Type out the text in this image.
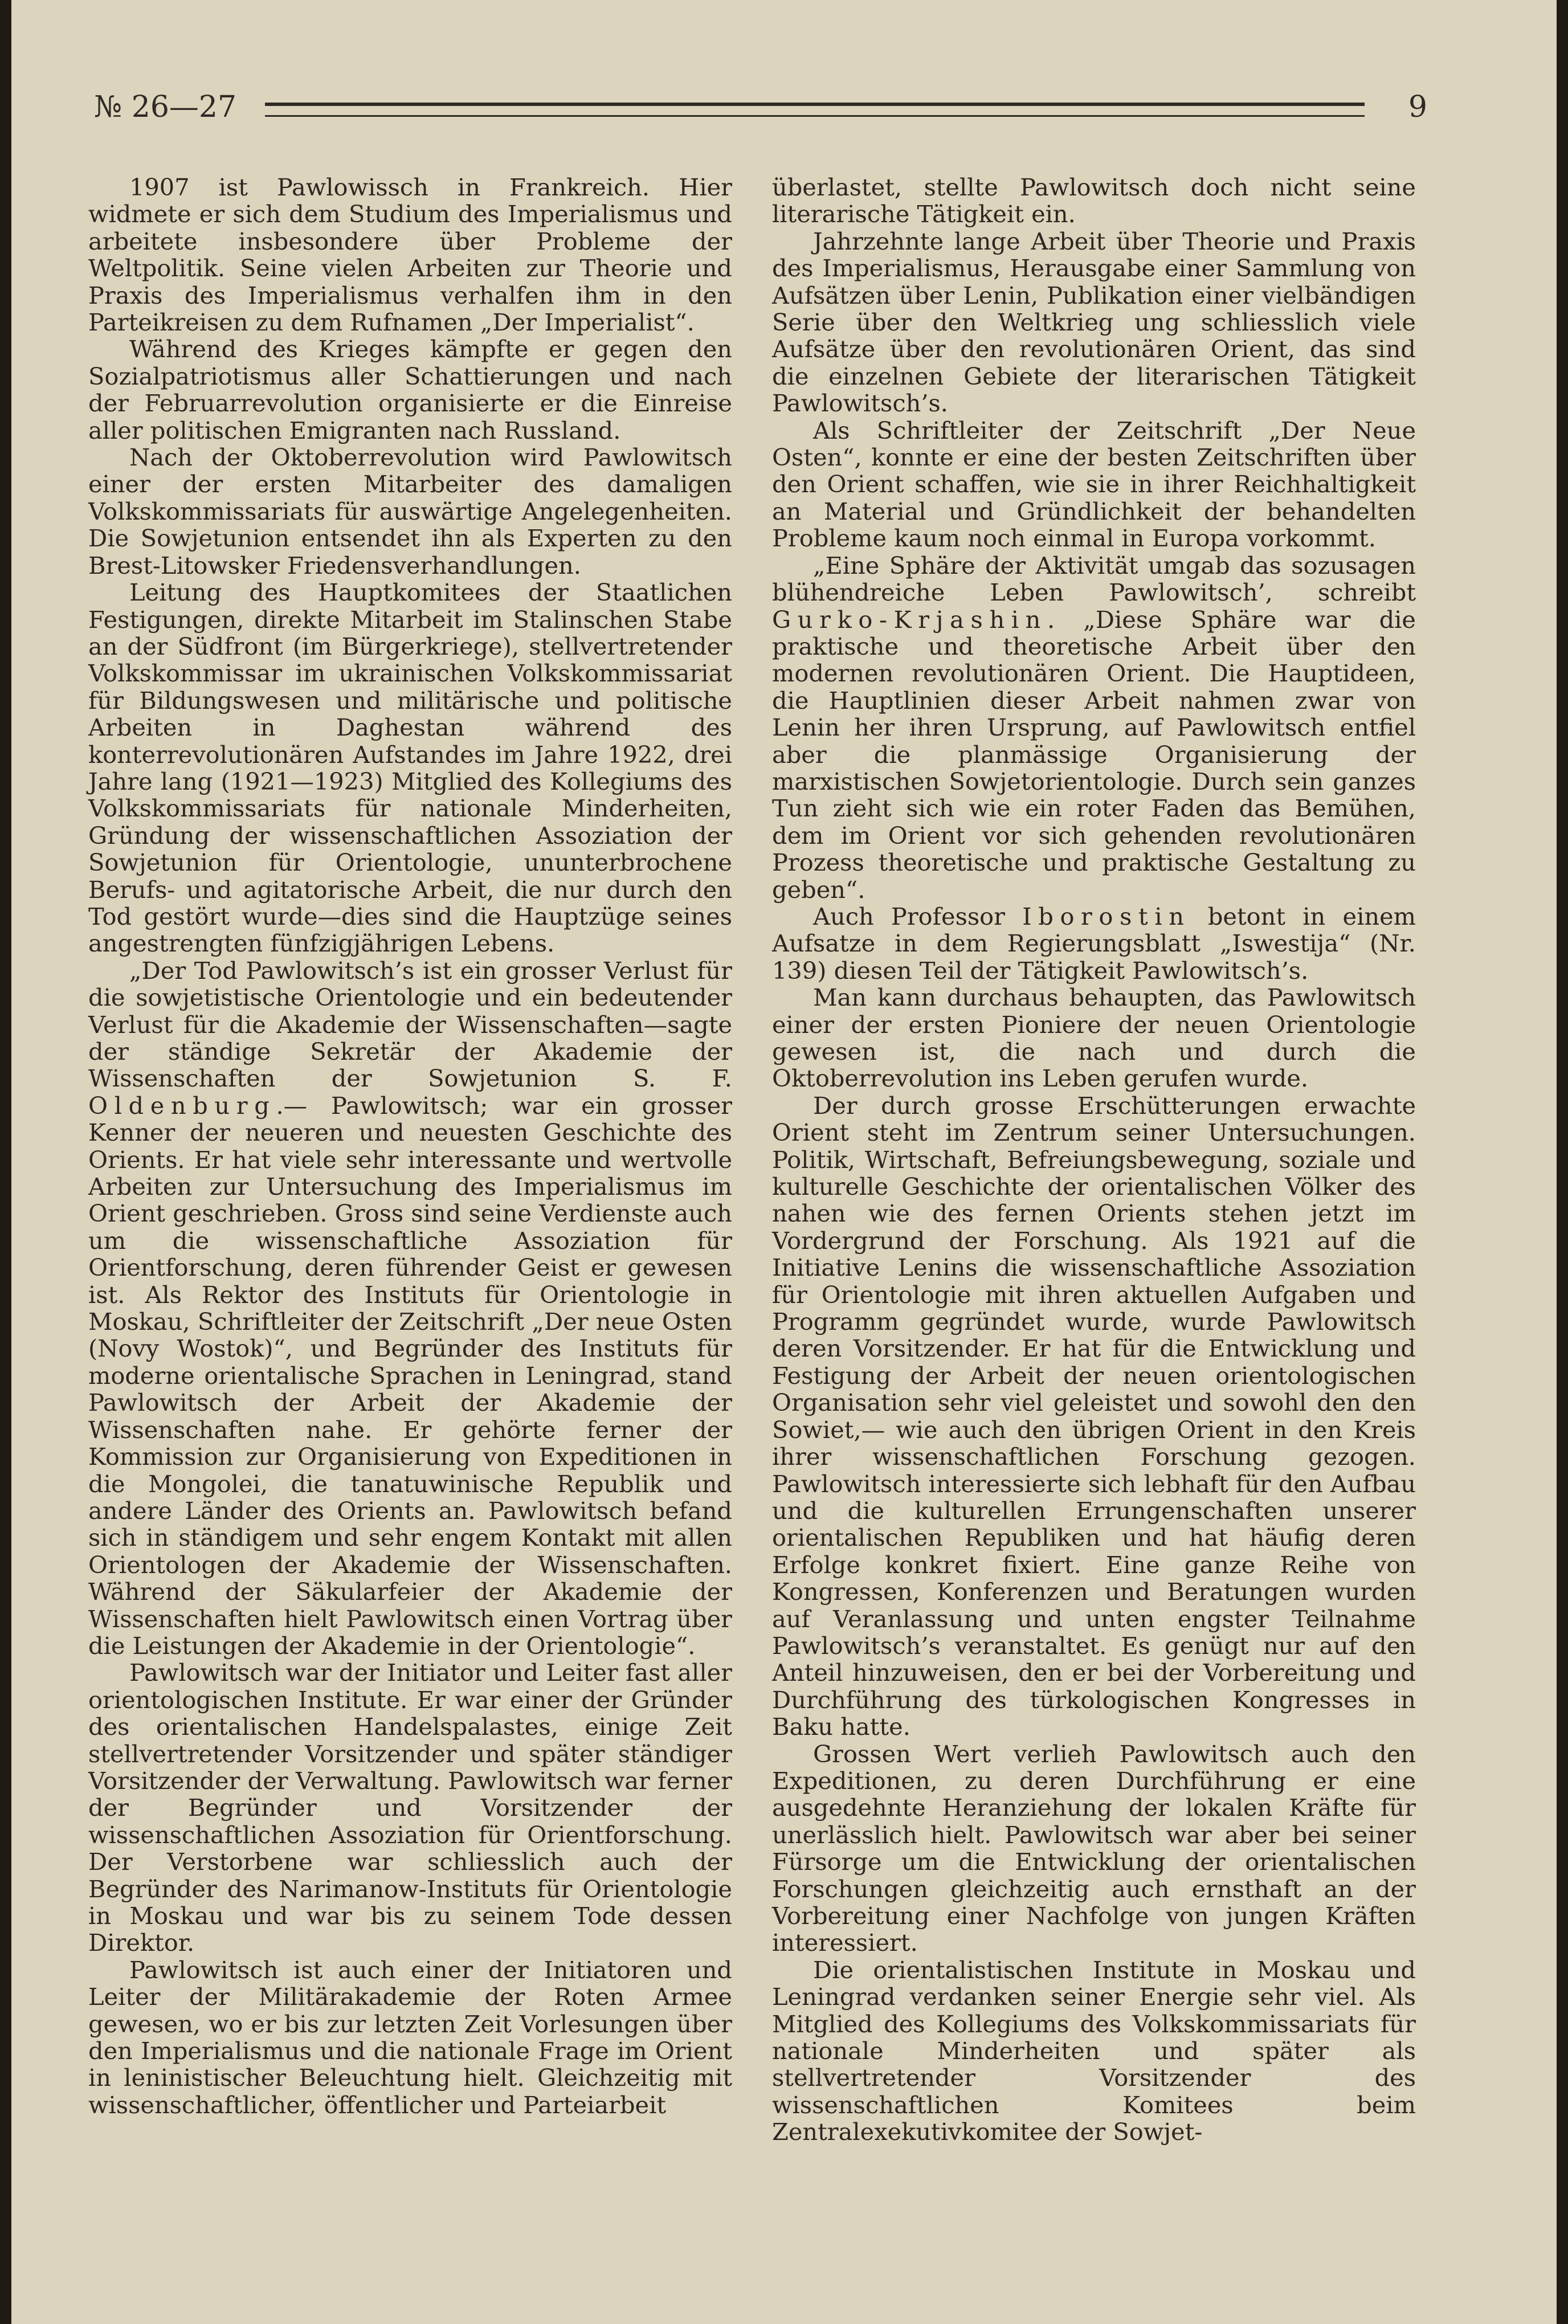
№ 26—27	9

1907 ist Pawlowissch in Frankreich. Hier widmete er sich dem Studium des Imperialismus und arbeitete insbesondere über Probleme der Weltpolitik. Seine vielen Arbeiten zur Theorie und Praxis des Imperialismus verhalfen ihm in den Parteikreisen zu dem Rufnamen „Der Imperialist“.

Während des Krieges kämpfte er gegen den Sozialpatriotismus aller Schattierungen und nach der Februarrevolution organisierte er die Einreise aller politischen Emigranten nach Russland.

Nach der Oktoberrevolution wird Pawlowitsch einer der ersten Mitarbeiter des damaligen Volkskommissariats für auswärtige Angelegenheiten. Die Sowjetunion entsendet ihn als Experten zu den Brest-Litowsker Friedensverhandlungen.

Leitung des Hauptkomitees der Staatlichen Festigungen, direkte Mitarbeit im Stalinschen Stabe an der Südfront (im Bürgerkriege), stellvertretender Volkskommissar im ukrainischen Volkskommissariat für Bildungswesen und militärische und politische Arbeiten in Daghestan während des konterrevolutionären Aufstandes im Jahre 1922, drei Jahre lang (1921—1923) Mitglied des Kollegiums des Volkskommissariats für nationale Minderheiten, Gründung der wissenschaftlichen Assoziation der Sowjetunion für Orientologie, ununterbrochene Berufs- und agitatorische Arbeit, die nur durch den Tod gestört wurde—dies sind die Hauptzüge seines angestrengten fünfzigjährigen Lebens.

„Der Tod Pawlowitsch’s ist ein grosser Verlust für die sowjetistische Orientologie und ein bedeutender Verlust für die Akademie der Wissenschaften—sagte der ständige Sekretär der Akademie der Wissenschaften der Sowjetunion S. F. Oldenburg.— Pawlowitsch; war ein grosser Kenner der neueren und neuesten Geschichte des Orients. Er hat viele sehr interessante und wertvolle Arbeiten zur Untersuchung des Imperialismus im Orient geschrieben. Gross sind seine Verdienste auch um die wissenschaftliche Assoziation für Orientforschung, deren führender Geist er gewesen ist. Als Rektor des Instituts für Orientologie in Moskau, Schriftleiter der Zeitschrift „Der neue Osten (Novy Wostok)“, und Begründer des Instituts für moderne orientalische Sprachen in Leningrad, stand Pawlowitsch der Arbeit der Akademie der Wissenschaften nahe. Er gehörte ferner der Kommission zur Organisierung von Expeditionen in die Mongolei, die tanatuwinische Republik und andere Länder des Orients an. Pawlowitsch befand sich in ständigem und sehr engem Kontakt mit allen Orientologen der Akademie der Wissenschaften. Während der Säkularfeier der Akademie der Wissenschaften hielt Pawlowitsch einen Vortrag über die Leistungen der Akademie in der Orientologie“.

Pawlowitsch war der Initiator und Leiter fast aller orientologischen Institute. Er war einer der Gründer des orientalischen Handelspalastes, einige Zeit stellvertretender Vorsitzender und später ständiger Vorsitzender der Verwaltung. Pawlowitsch war ferner der Begründer und Vorsitzender der wissenschaftlichen Assoziation für Orientforschung. Der Verstorbene war schliesslich auch der Begründer des Narimanow-Instituts für Orientologie in Moskau und war bis zu seinem Tode dessen Direktor.

Pawlowitsch ist auch einer der Initiatoren und Leiter der Militärakademie der Roten Armee gewesen, wo er bis zur letzten Zeit Vorlesungen über den Imperialismus und die nationale Frage im Orient in leninistischer Beleuchtung hielt. Gleichzeitig mit wissenschaftlicher, öffentlicher und Parteiarbeit

überlastet, stellte Pawlowitsch doch nicht seine literarische Tätigkeit ein.

Jahrzehnte lange Arbeit über Theorie und Praxis des Imperialismus, Herausgabe einer Sammlung von Aufsätzen über Lenin, Publikation einer vielbändigen Serie über den Weltkrieg ung schliesslich viele Aufsätze über den revolutionären Orient, das sind die einzelnen Gebiete der literarischen Tätigkeit Pawlowitsch’s.

Als Schriftleiter der Zeitschrift „Der Neue Osten“, konnte er eine der besten Zeitschriften über den Orient schaffen, wie sie in ihrer Reichhaltigkeit an Material und Gründlichkeit der behandelten Probleme kaum noch einmal in Europa vorkommt.

„Eine Sphäre der Aktivität umgab das sozusagen blühendreiche Leben Pawlowitsch’, schreibt Gurko-Krjashin. „Diese Sphäre war die praktische und theoretische Arbeit über den modernen revolutionären Orient. Die Hauptideen, die Hauptlinien dieser Arbeit nahmen zwar von Lenin her ihren Ursprung, auf Pawlowitsch entfiel aber die planmässige Organisierung der marxistischen Sowjetorientologie. Durch sein ganzes Tun zieht sich wie ein roter Faden das Bemühen, dem im Orient vor sich gehenden revolutionären Prozess theoretische und praktische Gestaltung zu geben“.

Auch Professor Iborostin betont in einem Aufsatze in dem Regierungsblatt „Iswestija“ (Nr. 139) diesen Teil der Tätigkeit Pawlowitsch’s.

Man kann durchaus behaupten, das Pawlowitsch einer der ersten Pioniere der neuen Orientologie gewesen ist, die nach und durch die Oktoberrevolution ins Leben gerufen wurde.

Der durch grosse Erschütterungen erwachte Orient steht im Zentrum seiner Untersuchungen. Politik, Wirtschaft, Befreiungsbewegung, soziale und kulturelle Geschichte der orientalischen Völker des nahen wie des fernen Orients stehen jetzt im Vordergrund der Forschung. Als 1921 auf die Initiative Lenins die wissenschaftliche Assoziation für Orientologie mit ihren aktuellen Aufgaben und Programm gegründet wurde, wurde Pawlowitsch deren Vorsitzender. Er hat für die Entwicklung und Festigung der Arbeit der neuen orientologischen Organisation sehr viel geleistet und sowohl den den Sowiet,— wie auch den übrigen Orient in den Kreis ihrer wissenschaftlichen Forschung gezogen. Pawlowitsch interessierte sich lebhaft für den Aufbau und die kulturellen Errungenschaften unserer orientalischen Republiken und hat häufig deren Erfolge konkret fixiert. Eine ganze Reihe von Kongressen, Konferenzen und Beratungen wurden auf Veranlassung und unten engster Teilnahme Pawlowitsch’s veranstaltet. Es genügt nur auf den Anteil hinzuweisen, den er bei der Vorbereitung und Durchführung des türkologischen Kongresses in Baku hatte.

Grossen Wert verlieh Pawlowitsch auch den Expeditionen, zu deren Durchführung er eine ausgedehnte Heranziehung der lokalen Kräfte für unerlässlich hielt. Pawlowitsch war aber bei seiner Fürsorge um die Entwicklung der orientalischen Forschungen gleichzeitig auch ernsthaft an der Vorbereitung einer Nachfolge von jungen Kräften interessiert.

Die orientalistischen Institute in Moskau und Leningrad verdanken seiner Energie sehr viel. Als Mitglied des Kollegiums des Volkskommissariats für nationale Minderheiten und später als stellvertretender Vorsitzender des wissenschaftlichen Komitees beim Zentralexekutivkomitee der Sowjet-
